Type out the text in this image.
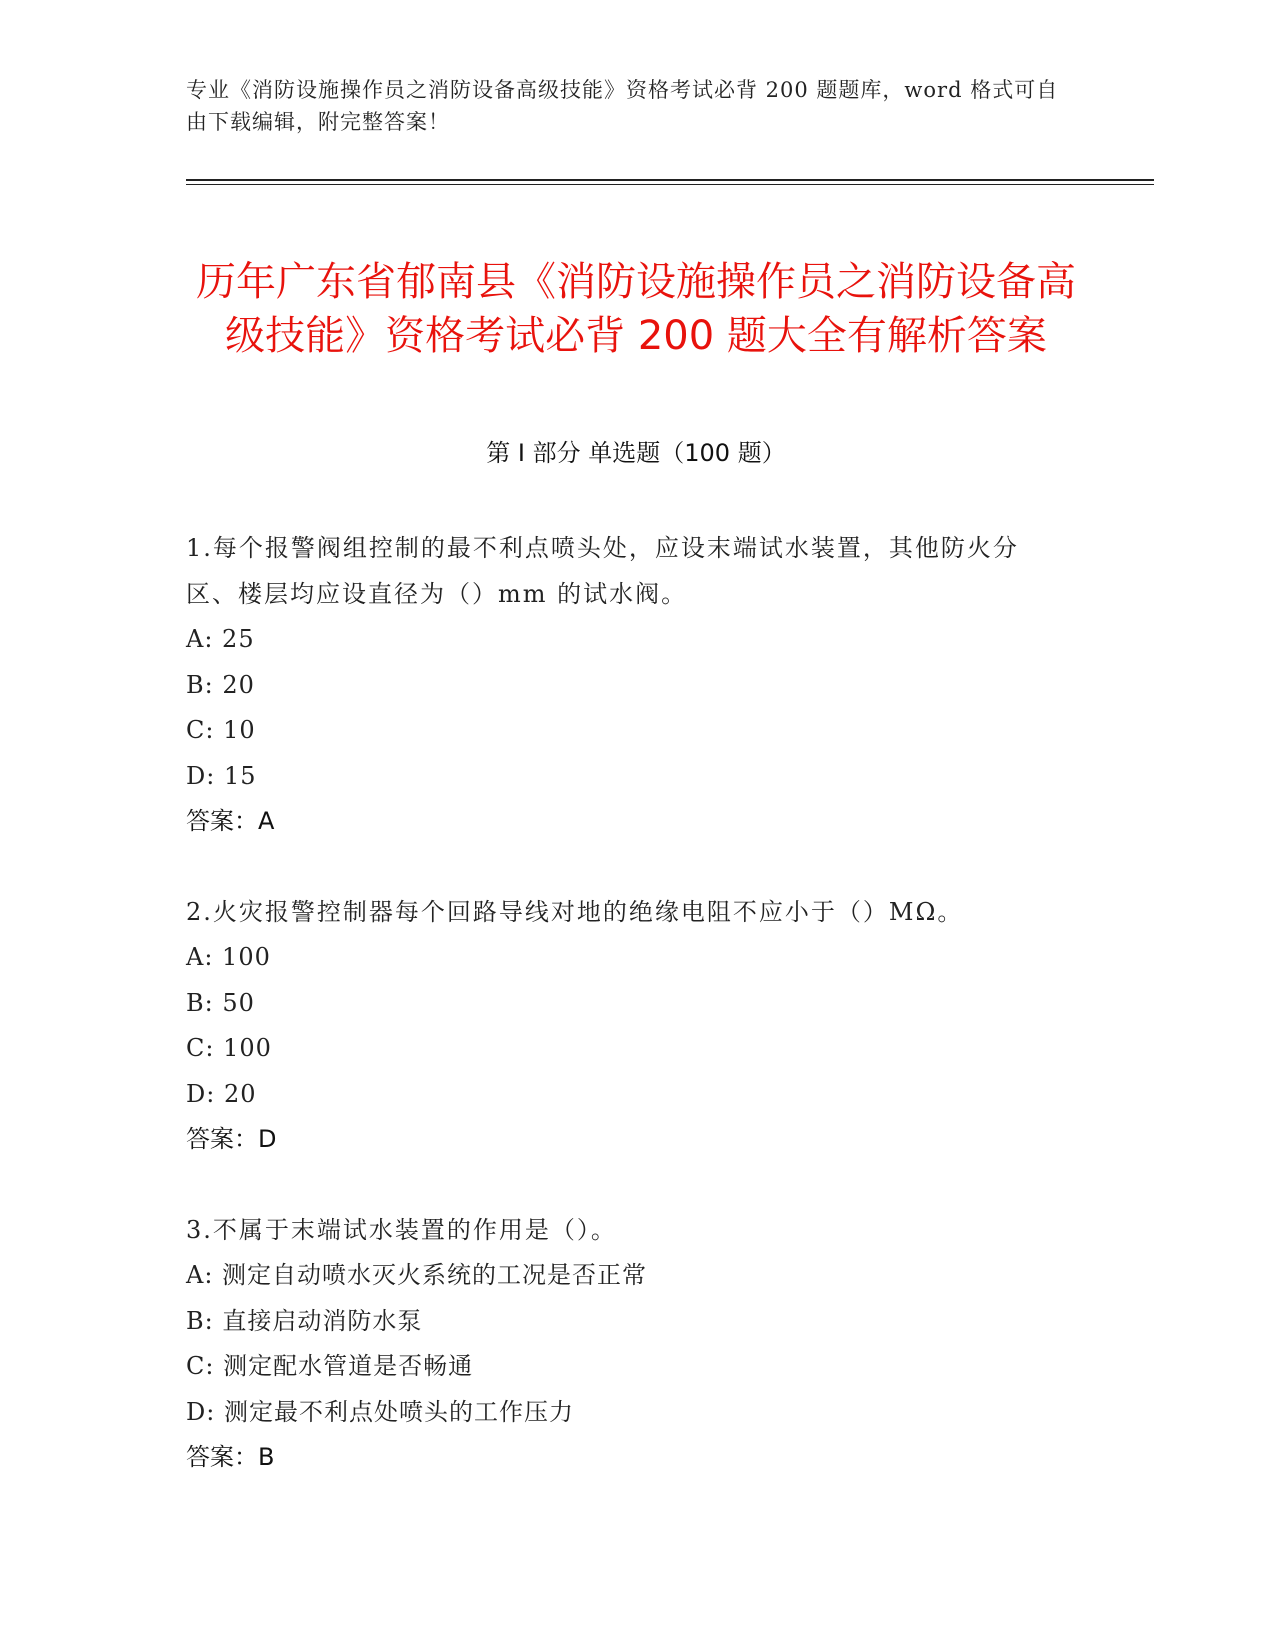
专业《消防设施操作员之消防设备高级技能》资格考试必背 200 题题库，word 格式可自由下载编辑，附完整答案！
历年广东省郁南县《消防设施操作员之消防设备高级技能》资格考试必背 200 题大全有解析答案
第 I 部分 单选题（100 题）
1.每个报警阀组控制的最不利点喷头处，应设末端试水装置，其他防火分区、楼层均应设直径为（）mm 的试水阀。
A: 25
B: 20
C: 10
D: 15
答案：A
2.火灾报警控制器每个回路导线对地的绝缘电阻不应小于（）MΩ。
A: 100
B: 50
C: 100
D: 20
答案：D
3.不属于末端试水装置的作用是（）。
A: 测定自动喷水灭火系统的工况是否正常
B: 直接启动消防水泵
C: 测定配水管道是否畅通
D: 测定最不利点处喷头的工作压力
答案：B
